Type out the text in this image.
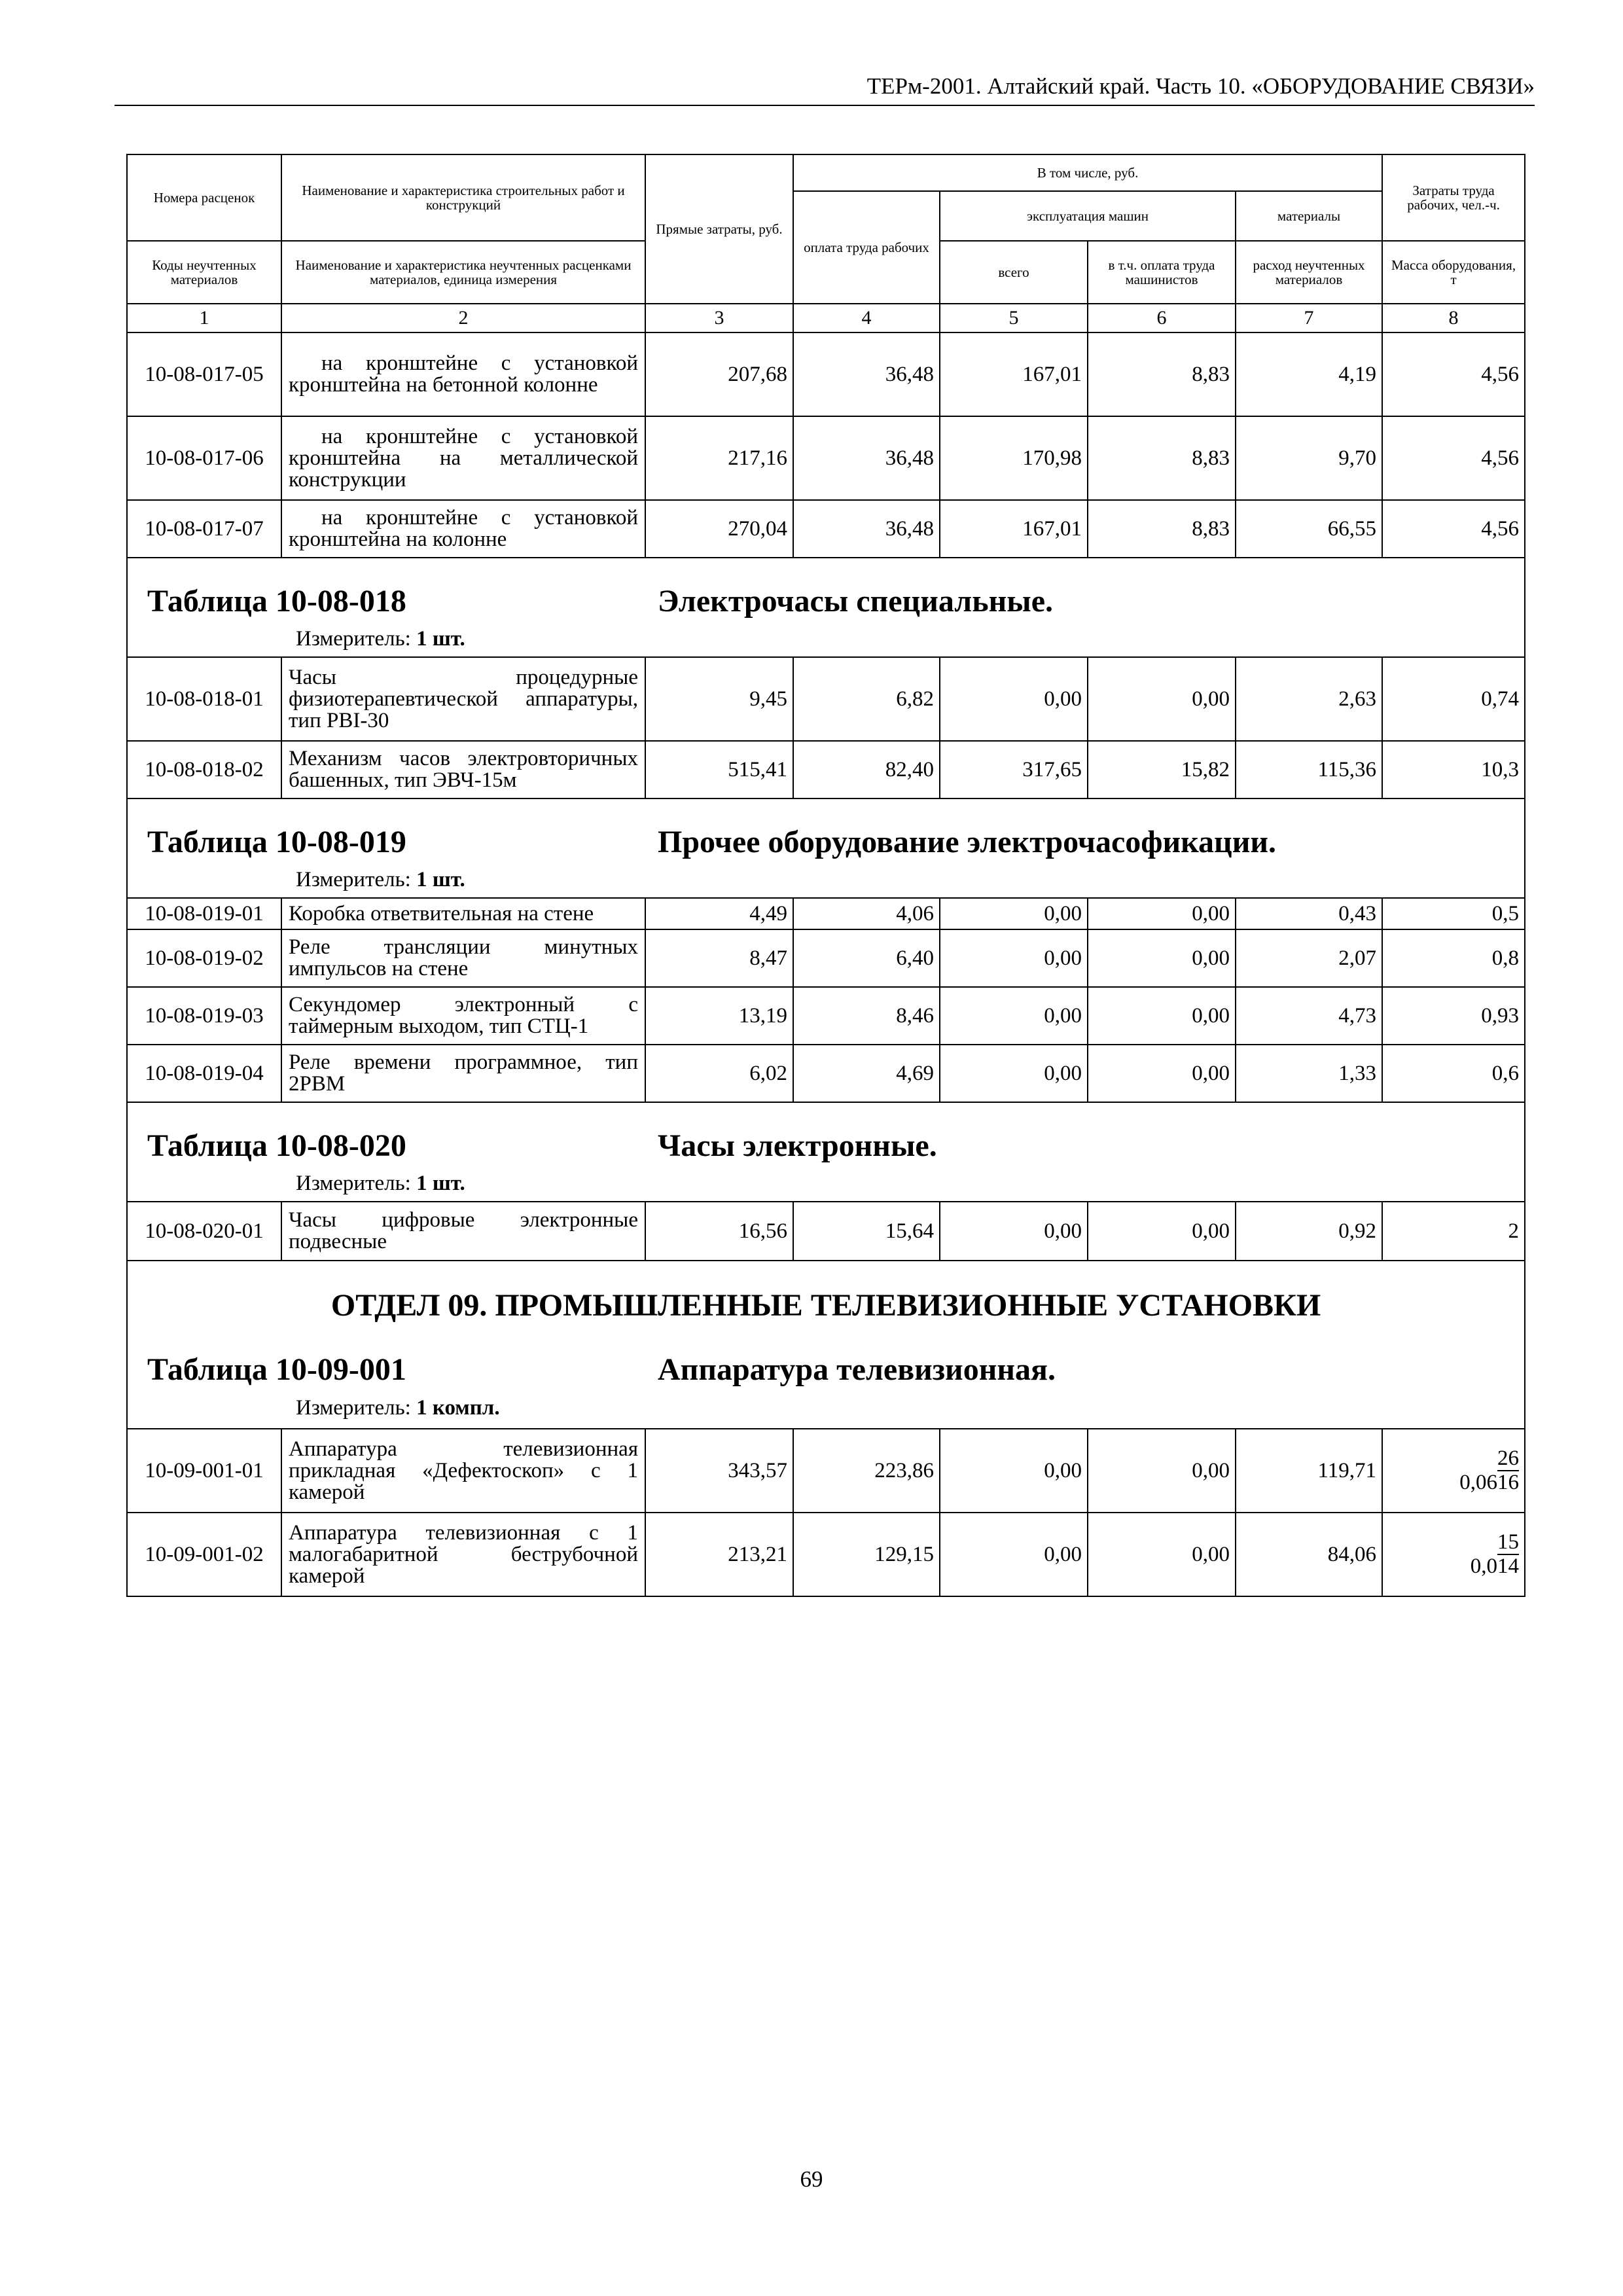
ТЕРм-2001. Алтайский край. Часть 10. «ОБОРУДОВАНИЕ СВЯЗИ»
Номера расценок	Наименование и характеристика строительных работ и конструкций	Прямые затраты, руб.	В том числе, руб.				Затраты труда рабочих, чел.-ч.
			оплата труда рабочих	эксплуатация машин		материалы	
Коды неучтенных материалов	Наименование и характеристика неучтенных расценками материалов, единица измерения			всего	в т.ч. оплата труда машинистов	расход неучтенных материалов	Масса оборудования, т
1	2	3	4	5	6	7	8
10-08-017-05	на кронштейне с установкой кронштейна на бетонной колонне	207,68	36,48	167,01	8,83	4,19	4,56
10-08-017-06	на кронштейне с установкой кронштейна на металлической конструкции	217,16	36,48	170,98	8,83	9,70	4,56
10-08-017-07	на кронштейне с установкой кронштейна на колонне	270,04	36,48	167,01	8,83	66,55	4,56

Таблица 10-08-018 Электрочасы специальные.
Измеритель: 1 шт.							

10-08-018-01	Часы процедурные физиотерапевтической аппаратуры, тип РВI-30	9,45	6,82	0,00	0,00	2,63	0,74
10-08-018-02	Механизм часов электровторичных башенных, тип ЭВЧ-15м	515,41	82,40	317,65	15,82	115,36	10,3

Таблица 10-08-019 Прочее оборудование электрочасофикации.
Измеритель: 1 шт.							

10-08-019-01	Коробка ответвительная на стене	4,49	4,06	0,00	0,00	0,43	0,5
10-08-019-02	Реле трансляции минутных импульсов на стене	8,47	6,40	0,00	0,00	2,07	0,8
10-08-019-03	Секундомер электронный с таймерным выходом, тип СТЦ-1	13,19	8,46	0,00	0,00	4,73	0,93
10-08-019-04	Реле времени программное, тип 2РВМ	6,02	4,69	0,00	0,00	1,33	0,6

Таблица 10-08-020 Часы электронные.
Измеритель: 1 шт.							

10-08-020-01	Часы цифровые электронные подвесные	16,56	15,64	0,00	0,00	0,92	2

ОТДЕЛ 09. ПРОМЫШЛЕННЫЕ ТЕЛЕВИЗИОННЫЕ УСТАНОВКИ
Таблица 10-09-001 Аппаратура телевизионная.
Измеритель: 1 компл.							

10-09-001-01	Аппаратура телевизионная прикладная «Дефектоскоп» с 1 камерой	343,57	223,86	0,00	0,00	119,71	$\frac{26}{0,0616}$
10-09-001-02	Аппаратура телевизионная с 1 малогабаритной беструбочной камерой	213,21	129,15	0,00	0,00	84,06	$\frac{15}{0,014}$
69
